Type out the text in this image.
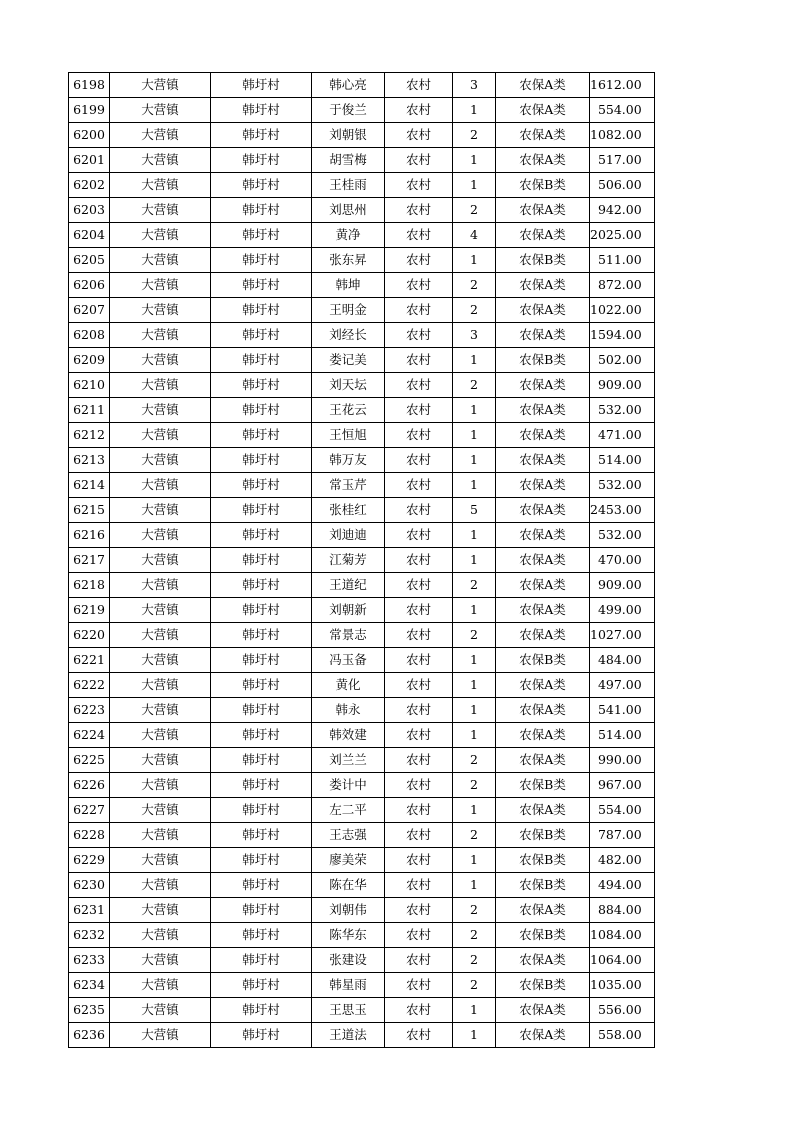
6198	大营镇	韩圩村	韩心亮	农村	3	农保A类	1612.00
6199	大营镇	韩圩村	于俊兰	农村	1	农保A类	554.00
6200	大营镇	韩圩村	刘朝银	农村	2	农保A类	1082.00
6201	大营镇	韩圩村	胡雪梅	农村	1	农保A类	517.00
6202	大营镇	韩圩村	王桂雨	农村	1	农保B类	506.00
6203	大营镇	韩圩村	刘思州	农村	2	农保A类	942.00
6204	大营镇	韩圩村	黄净	农村	4	农保A类	2025.00
6205	大营镇	韩圩村	张东昇	农村	1	农保B类	511.00
6206	大营镇	韩圩村	韩坤	农村	2	农保A类	872.00
6207	大营镇	韩圩村	王明金	农村	2	农保A类	1022.00
6208	大营镇	韩圩村	刘经长	农村	3	农保A类	1594.00
6209	大营镇	韩圩村	娄记美	农村	1	农保B类	502.00
6210	大营镇	韩圩村	刘天坛	农村	2	农保A类	909.00
6211	大营镇	韩圩村	王花云	农村	1	农保A类	532.00
6212	大营镇	韩圩村	王恒旭	农村	1	农保A类	471.00
6213	大营镇	韩圩村	韩万友	农村	1	农保A类	514.00
6214	大营镇	韩圩村	常玉芹	农村	1	农保A类	532.00
6215	大营镇	韩圩村	张桂红	农村	5	农保A类	2453.00
6216	大营镇	韩圩村	刘迪迪	农村	1	农保A类	532.00
6217	大营镇	韩圩村	江菊芳	农村	1	农保A类	470.00
6218	大营镇	韩圩村	王道纪	农村	2	农保A类	909.00
6219	大营镇	韩圩村	刘朝新	农村	1	农保A类	499.00
6220	大营镇	韩圩村	常景志	农村	2	农保A类	1027.00
6221	大营镇	韩圩村	冯玉备	农村	1	农保B类	484.00
6222	大营镇	韩圩村	黄化	农村	1	农保A类	497.00
6223	大营镇	韩圩村	韩永	农村	1	农保A类	541.00
6224	大营镇	韩圩村	韩效建	农村	1	农保A类	514.00
6225	大营镇	韩圩村	刘兰兰	农村	2	农保A类	990.00
6226	大营镇	韩圩村	娄计中	农村	2	农保B类	967.00
6227	大营镇	韩圩村	左二平	农村	1	农保A类	554.00
6228	大营镇	韩圩村	王志强	农村	2	农保B类	787.00
6229	大营镇	韩圩村	廖美荣	农村	1	农保B类	482.00
6230	大营镇	韩圩村	陈在华	农村	1	农保B类	494.00
6231	大营镇	韩圩村	刘朝伟	农村	2	农保A类	884.00
6232	大营镇	韩圩村	陈华东	农村	2	农保B类	1084.00
6233	大营镇	韩圩村	张建设	农村	2	农保A类	1064.00
6234	大营镇	韩圩村	韩星雨	农村	2	农保B类	1035.00
6235	大营镇	韩圩村	王思玉	农村	1	农保A类	556.00
6236	大营镇	韩圩村	王道法	农村	1	农保A类	558.00
